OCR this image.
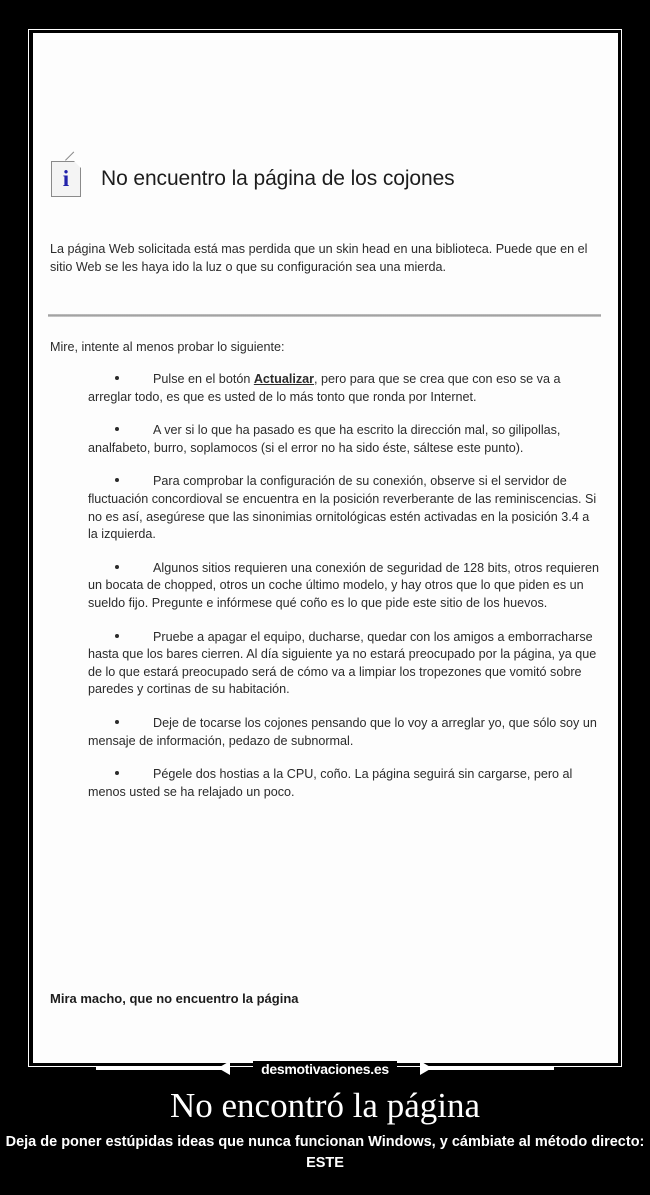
i	No encuentro la página de los cojones
La página Web solicitada está mas perdida que un skin head en una biblioteca. Puede que en el sitio Web se les haya ido la luz o que su configuración sea una mierda.
Mire, intente al menos probar lo siguiente:
Pulse en el botón Actualizar, pero para que se crea que con eso se va a arreglar todo, es que es usted de lo más tonto que ronda por Internet.
A ver si lo que ha pasado es que ha escrito la dirección mal, so gilipollas, analfabeto, burro, soplamocos (si el error no ha sido éste, sáltese este punto).
Para comprobar la configuración de su conexión, observe si el servidor de fluctuación concordioval se encuentra en la posición reverberante de las reminiscencias. Si no es así, asegúrese que las sinonimias ornitológicas estén activadas en la posición 3.4 a la izquierda.
Algunos sitios requieren una conexión de seguridad de 128 bits, otros requieren un bocata de chopped, otros un coche último modelo, y hay otros que lo que piden es un sueldo fijo. Pregunte e infórmese qué coño es lo que pide este sitio de los huevos.
Pruebe a apagar el equipo, ducharse, quedar con los amigos a emborracharse hasta que los bares cierren. Al día siguiente ya no estará preocupado por la página, ya que de lo que estará preocupado será de cómo va a limpiar los tropezones que vomitó sobre paredes y cortinas de su habitación.
Deje de tocarse los cojones pensando que lo voy a arreglar yo, que sólo soy un mensaje de información, pedazo de subnormal.
Pégele dos hostias a la CPU, coño. La página seguirá sin cargarse, pero al menos usted se ha relajado un poco.
Mira macho, que no encuentro la página
desmotivaciones.es
No encontró la página
Deja de poner estúpidas ideas que nunca funcionan Windows, y cámbiate al método directo: ESTE
